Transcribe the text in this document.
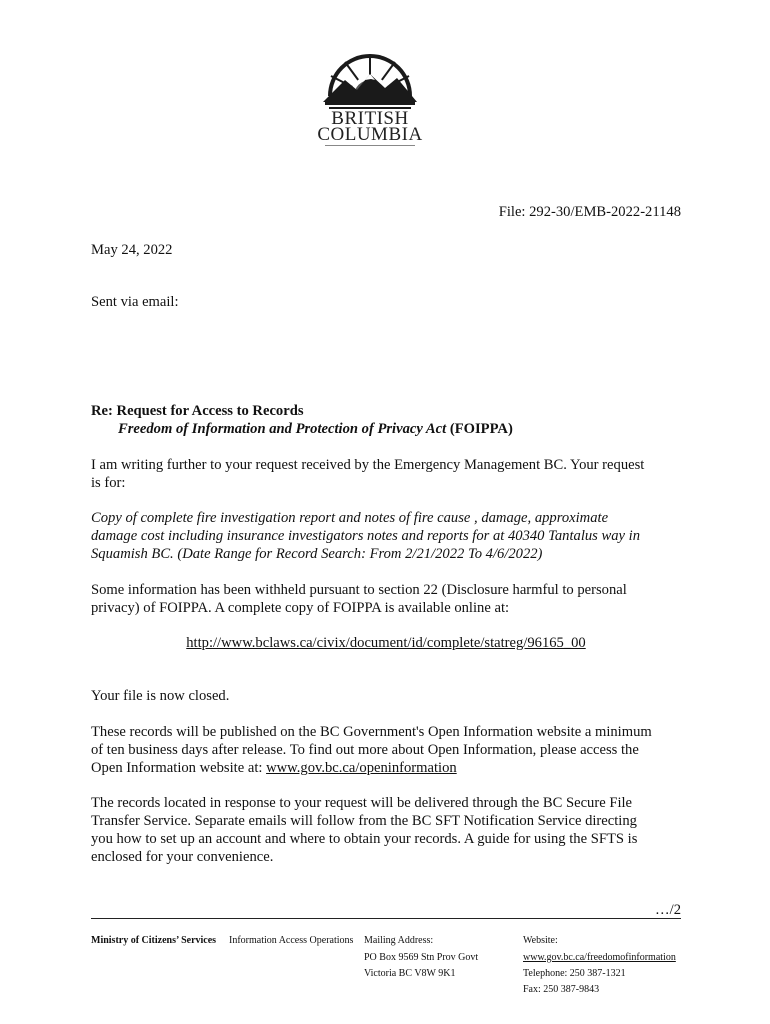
BRITISH
COLUMBIA

File: 292-30/EMB-2022-21148

May 24, 2022

Sent via email:

Re: Request for Access to Records

Freedom of Information and Protection of Privacy Act (FOIPPA)

I am writing further to your request received by the Emergency Management BC. Your request

is for:

Copy of complete fire investigation report and notes of fire cause , damage, approximate

damage cost including insurance investigators notes and reports for at 40340 Tantalus way in

Squamish BC. (Date Range for Record Search: From 2/21/2022 To 4/6/2022)

Some information has been withheld pursuant to section 22 (Disclosure harmful to personal

privacy) of FOIPPA. A complete copy of FOIPPA is available online at:

http://www.bclaws.ca/civix/document/id/complete/statreg/96165_00

Your file is now closed.

These records will be published on the BC Government's Open Information website a minimum

of ten business days after release. To find out more about Open Information, please access the

Open Information website at: www.gov.bc.ca/openinformation

The records located in response to your request will be delivered through the BC Secure File

Transfer Service. Separate emails will follow from the BC SFT Notification Service directing

you how to set up an account and where to obtain your records. A guide for using the SFTS is

enclosed for your convenience.

…/2

Ministry of Citizens’ Services Information Access Operations Mailing Address:
PO Box 9569 Stn Prov Govt
Victoria BC V8W 9K1
Website:
www.gov.bc.ca/freedomofinformation
Telephone: 250 387-1321
Fax: 250 387-9843
